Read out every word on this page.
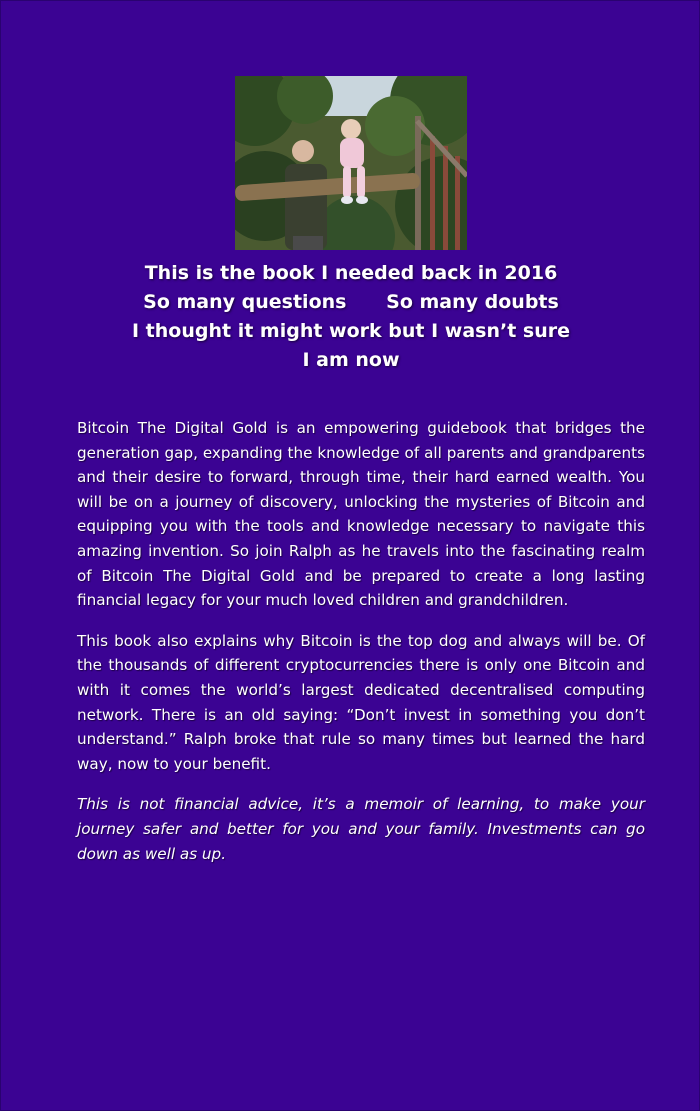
This is the book I needed back in 2016
So many questions      So many doubts
I thought it might work but I wasn’t sure
I am now

Bitcoin The Digital Gold is an empowering guidebook that bridges the generation gap, expanding the knowledge of all parents and grandparents and their desire to forward, through time, their hard earned wealth. You will be on a journey of discovery, unlocking the mysteries of Bitcoin and equipping you with the tools and knowledge necessary to navigate this amazing invention. So join Ralph as he travels into the fascinating realm of Bitcoin The Digital Gold and be prepared to create a long lasting financial legacy for your much loved children and grandchildren.

This book also explains why Bitcoin is the top dog and always will be. Of the thousands of different cryptocurrencies there is only one Bitcoin and with it comes the world’s largest dedicated decentralised computing network. There is an old saying: “Don’t invest in something you don’t understand.” Ralph broke that rule so many times but learned the hard way, now to your benefit.

This is not financial advice, it’s a memoir of learning, to make your journey safer and better for you and your family. Investments can go down as well as up.
